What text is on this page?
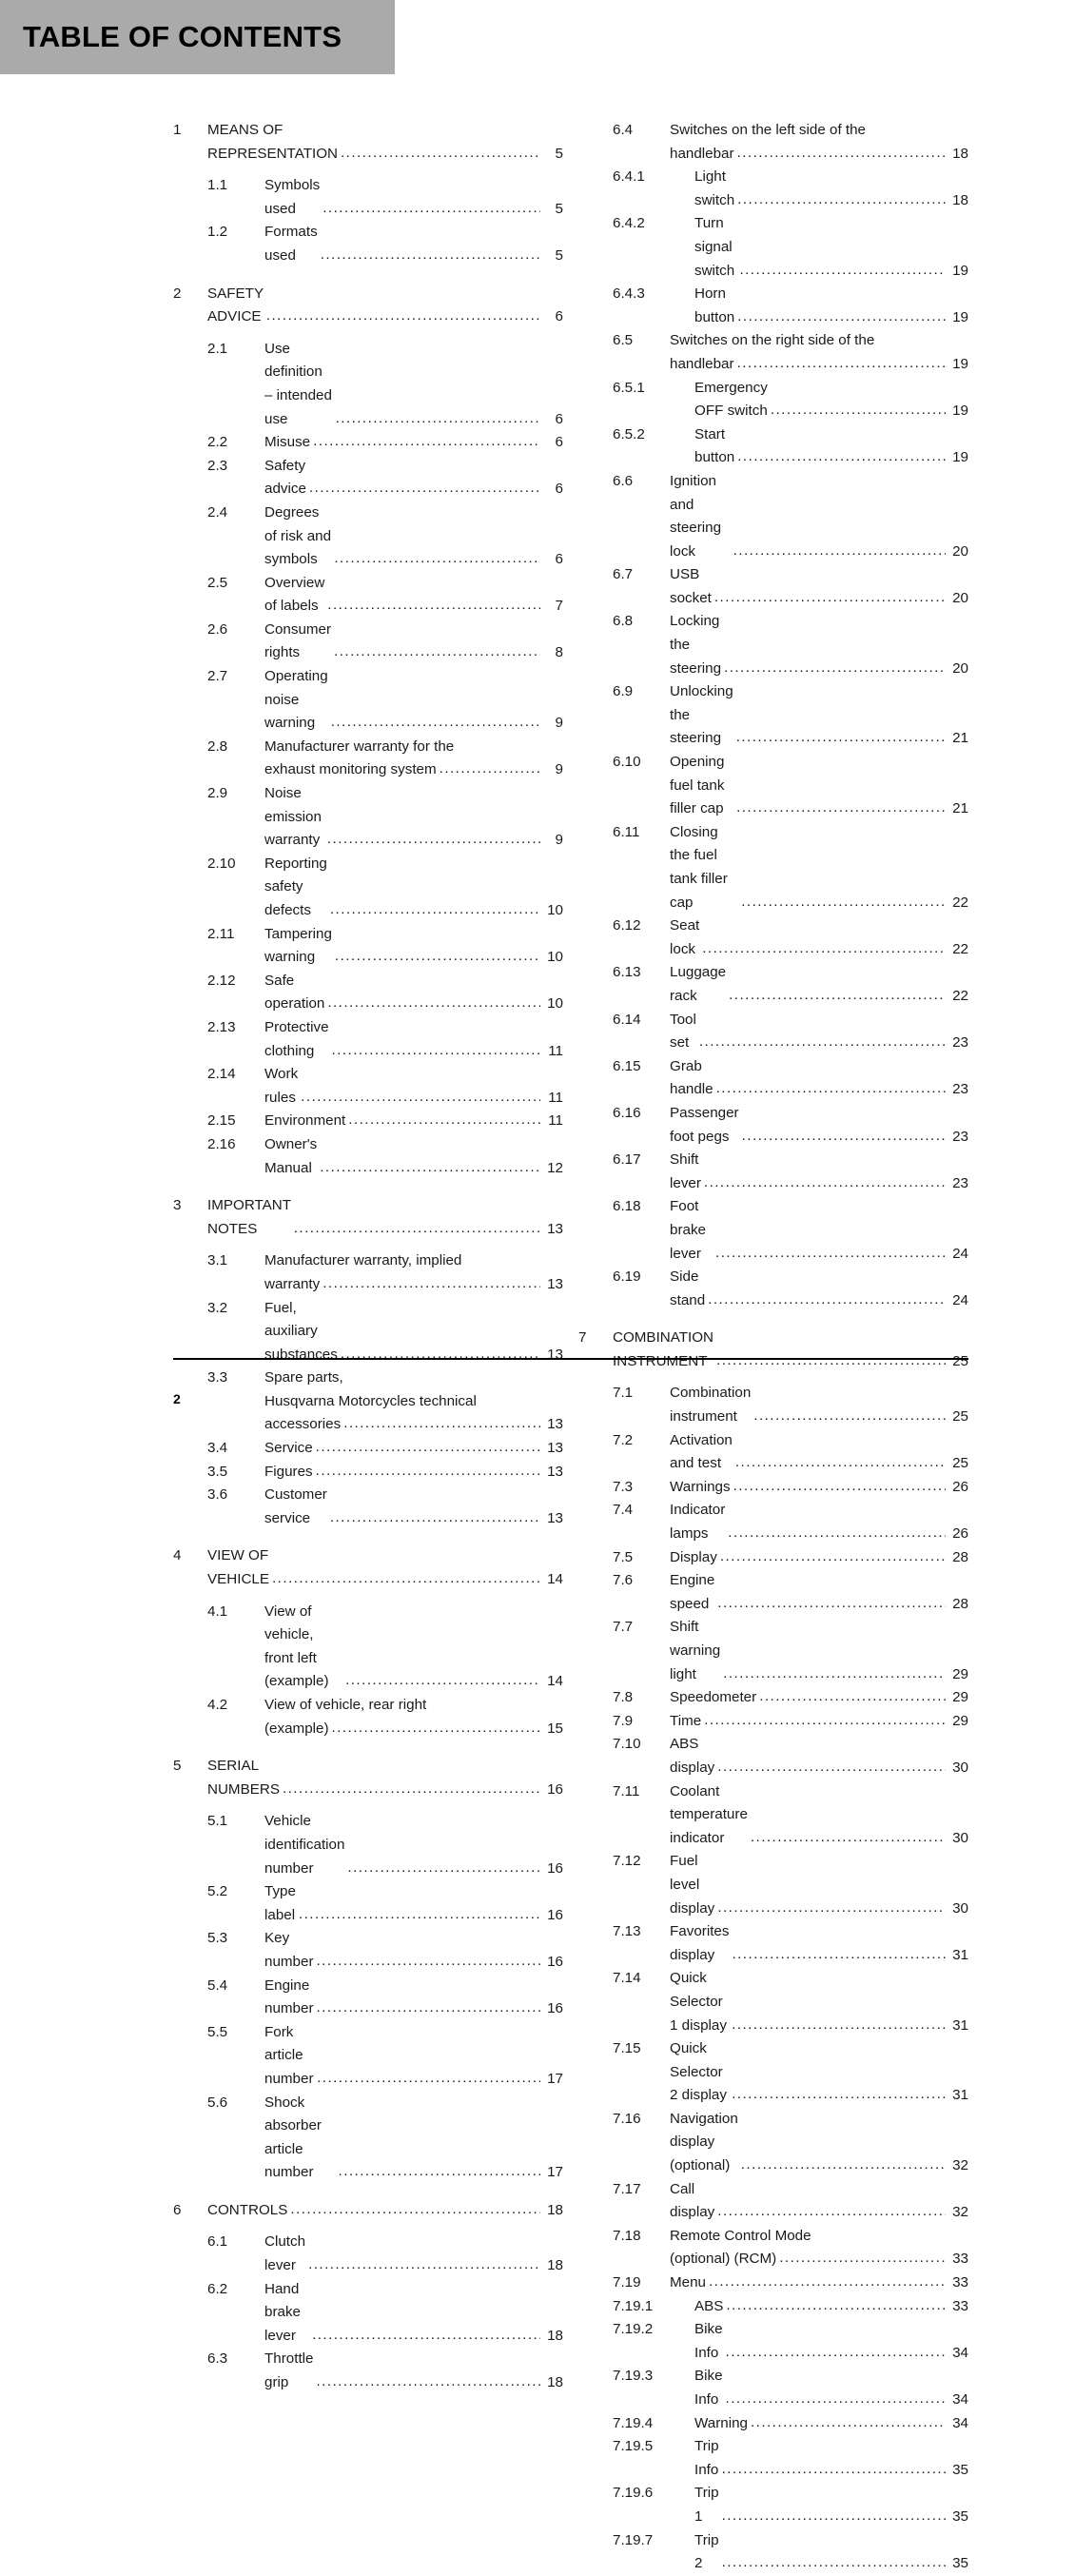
TABLE OF CONTENTS
1	MEANS OF REPRESENTATION .....	5
1.1	Symbols used .....	5
1.2	Formats used .....	5
2	SAFETY ADVICE .....	6
2.1	Use definition – intended use .....	6
2.2	Misuse .....	6
2.3	Safety advice .....	6
2.4	Degrees of risk and symbols .....	6
2.5	Overview of labels .....	7
2.6	Consumer rights .....	8
2.7	Operating noise warning .....	9
2.8	Manufacturer warranty for the
exhaust monitoring system .....	9
2.9	Noise emission warranty .....	9
2.10	Reporting safety defects .....	10
2.11	Tampering warning .....	10
2.12	Safe operation .....	10
2.13	Protective clothing .....	11
2.14	Work rules .....	11
2.15	Environment .....	11
2.16	Owner's Manual .....	12
3	IMPORTANT NOTES .....	13
3.1	Manufacturer warranty, implied
warranty .....	13
3.2	Fuel, auxiliary substances .....	13
3.3	Spare parts,
Husqvarna Motorcycles technical
accessories .....	13
3.4	Service .....	13
3.5	Figures .....	13
3.6	Customer service .....	13
4	VIEW OF VEHICLE .....	14
4.1	View of vehicle, front left (example) .....	14
4.2	View of vehicle, rear right
(example) .....	15
5	SERIAL NUMBERS .....	16
5.1	Vehicle identification number .....	16
5.2	Type label .....	16
5.3	Key number .....	16
5.4	Engine number .....	16
5.5	Fork article number .....	17
5.6	Shock absorber article number .....	17
6	CONTROLS .....	18
6.1	Clutch lever .....	18
6.2	Hand brake lever .....	18
6.3	Throttle grip .....	18
6.4	Switches on the left side of the
handlebar .....	18
6.4.1	Light switch .....	18
6.4.2	Turn signal switch .....	19
6.4.3	Horn button .....	19
6.5	Switches on the right side of the
handlebar .....	19
6.5.1	Emergency OFF switch .....	19
6.5.2	Start button .....	19
6.6	Ignition and steering lock .....	20
6.7	USB socket .....	20
6.8	Locking the steering .....	20
6.9	Unlocking the steering .....	21
6.10	Opening fuel tank filler cap .....	21
6.11	Closing the fuel tank filler cap .....	22
6.12	Seat lock .....	22
6.13	Luggage rack .....	22
6.14	Tool set .....	23
6.15	Grab handle .....	23
6.16	Passenger foot pegs .....	23
6.17	Shift lever .....	23
6.18	Foot brake lever .....	24
6.19	Side stand .....	24
7	COMBINATION INSTRUMENT .....	25
7.1	Combination instrument .....	25
7.2	Activation and test .....	25
7.3	Warnings .....	26
7.4	Indicator lamps .....	26
7.5	Display .....	28
7.6	Engine speed .....	28
7.7	Shift warning light .....	29
7.8	Speedometer .....	29
7.9	Time .....	29
7.10	ABS display .....	30
7.11	Coolant temperature indicator .....	30
7.12	Fuel level display .....	30
7.13	Favorites display .....	31
7.14	Quick Selector 1 display .....	31
7.15	Quick Selector 2 display .....	31
7.16	Navigation display (optional) .....	32
7.17	Call display .....	32
7.18	Remote Control Mode
(optional) (RCM) .....	33
7.19	Menu .....	33
7.19.1	ABS .....	33
7.19.2	Bike Info .....	34
7.19.3	Bike Info .....	34
7.19.4	Warning .....	34
7.19.5	Trip Info .....	35
7.19.6	Trip 1 .....	35
7.19.7	Trip 2 .....	35
2
